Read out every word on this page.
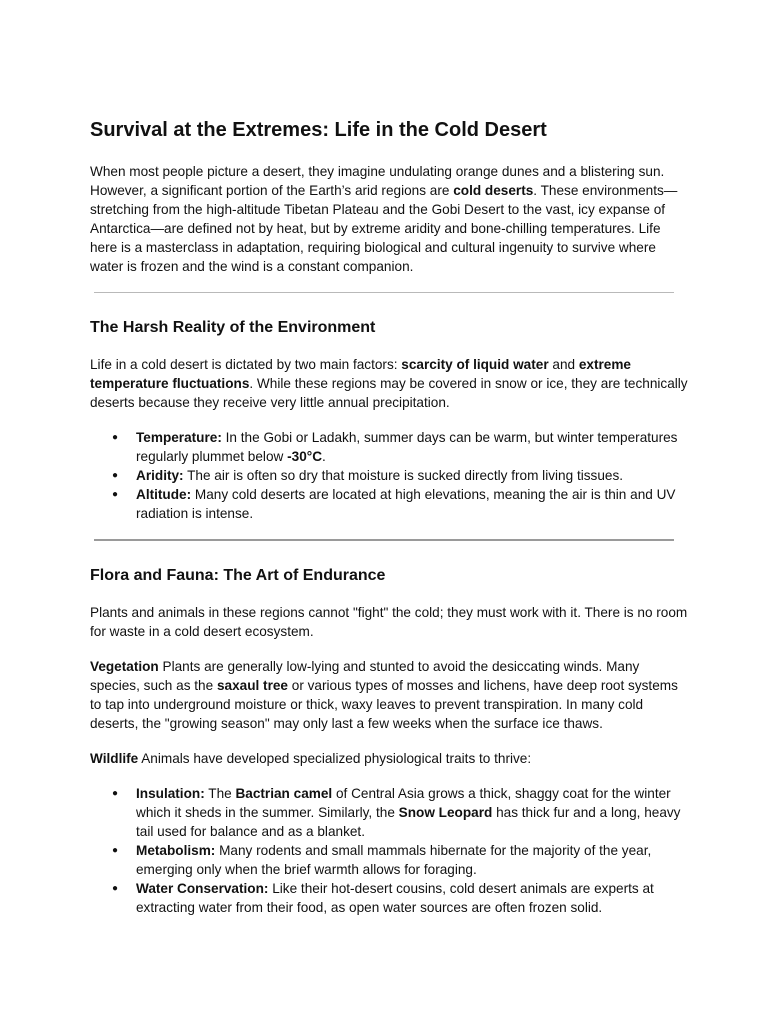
Survival at the Extremes: Life in the Cold Desert

When most people picture a desert, they imagine undulating orange dunes and a blistering sun. However, a significant portion of the Earth’s arid regions are cold deserts. These environments—stretching from the high-altitude Tibetan Plateau and the Gobi Desert to the vast, icy expanse of Antarctica—are defined not by heat, but by extreme aridity and bone-chilling temperatures. Life here is a masterclass in adaptation, requiring biological and cultural ingenuity to survive where water is frozen and the wind is a constant companion.

The Harsh Reality of the Environment

Life in a cold desert is dictated by two main factors: scarcity of liquid water and extreme temperature fluctuations. While these regions may be covered in snow or ice, they are technically deserts because they receive very little annual precipitation.

● Temperature: In the Gobi or Ladakh, summer days can be warm, but winter temperatures regularly plummet below -30°C.
● Aridity: The air is often so dry that moisture is sucked directly from living tissues.
● Altitude: Many cold deserts are located at high elevations, meaning the air is thin and UV radiation is intense.
Flora and Fauna: The Art of Endurance

Plants and animals in these regions cannot "fight" the cold; they must work with it. There is no room for waste in a cold desert ecosystem.

Vegetation Plants are generally low-lying and stunted to avoid the desiccating winds. Many species, such as the saxaul tree or various types of mosses and lichens, have deep root systems to tap into underground moisture or thick, waxy leaves to prevent transpiration. In many cold deserts, the "growing season" may only last a few weeks when the surface ice thaws.

Wildlife Animals have developed specialized physiological traits to thrive:

● Insulation: The Bactrian camel of Central Asia grows a thick, shaggy coat for the winter which it sheds in the summer. Similarly, the Snow Leopard has thick fur and a long, heavy tail used for balance and as a blanket.
● Metabolism: Many rodents and small mammals hibernate for the majority of the year, emerging only when the brief warmth allows for foraging.
● Water Conservation: Like their hot-desert cousins, cold desert animals are experts at extracting water from their food, as open water sources are often frozen solid.
